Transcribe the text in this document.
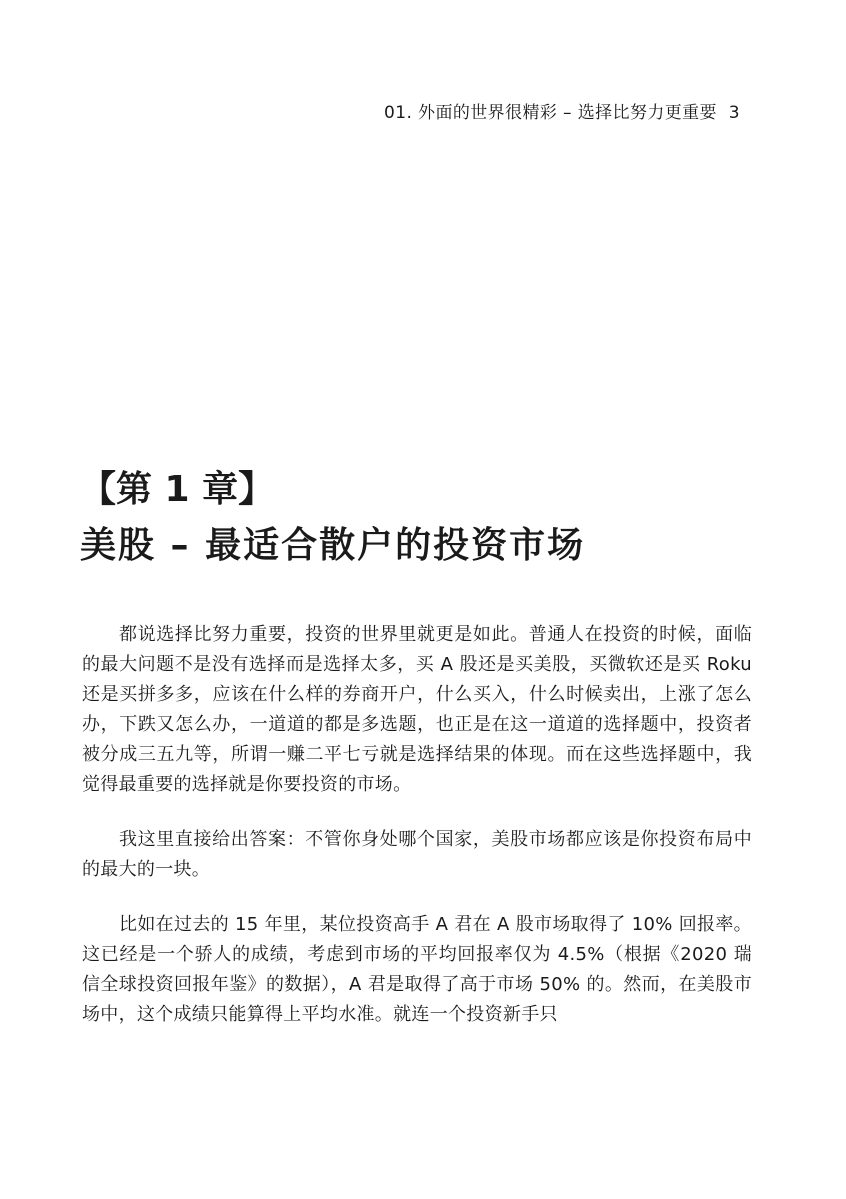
01. 外面的世界很精彩 – 选择比努力更重要 3
【第 1 章】
美股 – 最适合散户的投资市场

都说选择比努力重要，投资的世界里就更是如此。普通人在投资的时候，面临的最大问题不是没有选择而是选择太多，买 A 股还是买美股，买微软还是买 Roku 还是买拼多多，应该在什么样的券商开户，什么买入，什么时候卖出，上涨了怎么办，下跌又怎么办，一道道的都是多选题，也正是在这一道道的选择题中，投资者被分成三五九等，所谓一赚二平七亏就是选择结果的体现。而在这些选择题中，我觉得最重要的选择就是你要投资的市场。

我这里直接给出答案：不管你身处哪个国家，美股市场都应该是你投资布局中的最大的一块。

比如在过去的 15 年里，某位投资高手 A 君在 A 股市场取得了 10% 回报率。这已经是一个骄人的成绩，考虑到市场的平均回报率仅为 4.5%（根据《2020 瑞信全球投资回报年鉴》的数据），A 君是取得了高于市场 50% 的。然而，在美股市场中，这个成绩只能算得上平均水准。就连一个投资新手只
